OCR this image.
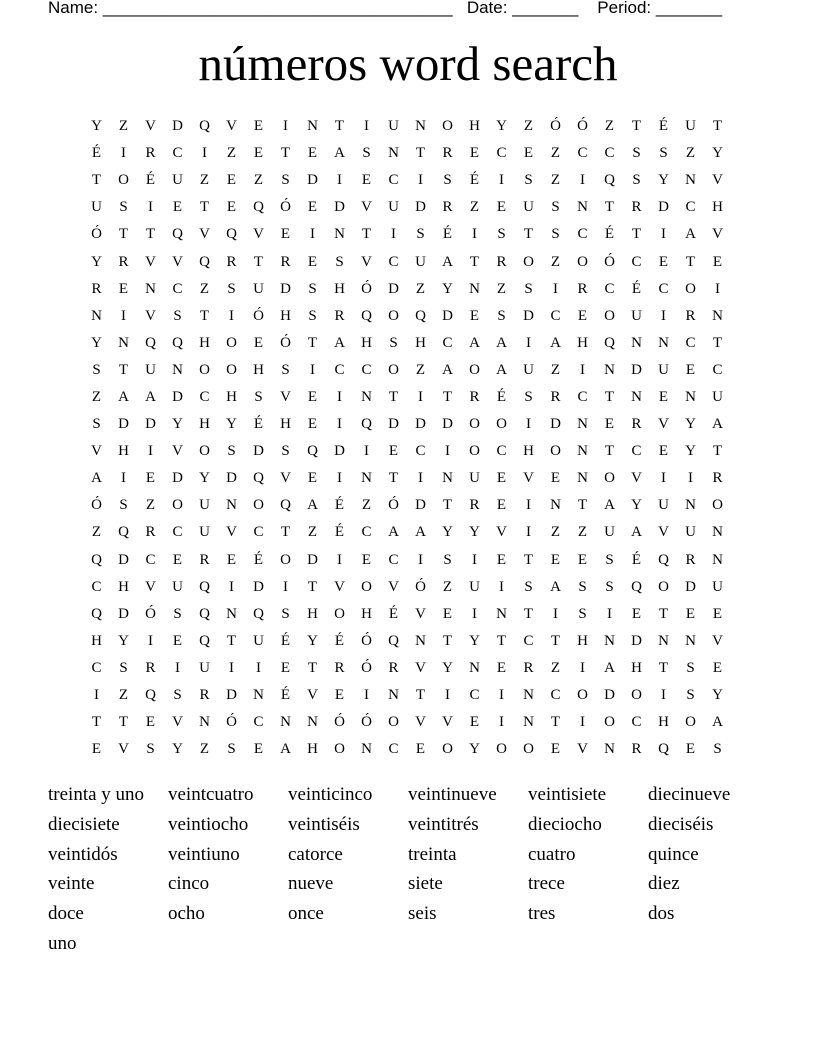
Name: _____________________________________ Date: _______ Period: _______
números word search
Y	Z	V	D	Q	V	E	I	N	T	I	U	N	O	H	Y	Z	Ó	Ó	Z	T	É	U	T
É	I	R	C	I	Z	E	T	E	A	S	N	T	R	E	C	E	Z	C	C	S	S	Z	Y
T	O	É	U	Z	E	Z	S	D	I	E	C	I	S	É	I	S	Z	I	Q	S	Y	N	V
U	S	I	E	T	E	Q	Ó	E	D	V	U	D	R	Z	E	U	S	N	T	R	D	C	H
Ó	T	T	Q	V	Q	V	E	I	N	T	I	S	É	I	S	T	S	C	É	T	I	A	V
Y	R	V	V	Q	R	T	R	E	S	V	C	U	A	T	R	O	Z	O	Ó	C	E	T	E
R	E	N	C	Z	S	U	D	S	H	Ó	D	Z	Y	N	Z	S	I	R	C	É	C	O	I
N	I	V	S	T	I	Ó	H	S	R	Q	O	Q	D	E	S	D	C	E	O	U	I	R	N
Y	N	Q	Q	H	O	E	Ó	T	A	H	S	H	C	A	A	I	A	H	Q	N	N	C	T
S	T	U	N	O	O	H	S	I	C	C	O	Z	A	O	A	U	Z	I	N	D	U	E	C
Z	A	A	D	C	H	S	V	E	I	N	T	I	T	R	É	S	R	C	T	N	E	N	U
S	D	D	Y	H	Y	É	H	E	I	Q	D	D	D	O	O	I	D	N	E	R	V	Y	A
V	H	I	V	O	S	D	S	Q	D	I	E	C	I	O	C	H	O	N	T	C	E	Y	T
A	I	E	D	Y	D	Q	V	E	I	N	T	I	N	U	E	V	E	N	O	V	I	I	R
Ó	S	Z	O	U	N	O	Q	A	É	Z	Ó	D	T	R	E	I	N	T	A	Y	U	N	O
Z	Q	R	C	U	V	C	T	Z	É	C	A	A	Y	Y	V	I	Z	Z	U	A	V	U	N
Q	D	C	E	R	E	É	O	D	I	E	C	I	S	I	E	T	E	E	S	É	Q	R	N
C	H	V	U	Q	I	D	I	T	V	O	V	Ó	Z	U	I	S	A	S	S	Q	O	D	U
Q	D	Ó	S	Q	N	Q	S	H	O	H	É	V	E	I	N	T	I	S	I	E	T	E	E
H	Y	I	E	Q	T	U	É	Y	É	Ó	Q	N	T	Y	T	C	T	H	N	D	N	N	V
C	S	R	I	U	I	I	E	T	R	Ó	R	V	Y	N	E	R	Z	I	A	H	T	S	E
I	Z	Q	S	R	D	N	É	V	E	I	N	T	I	C	I	N	C	O	D	O	I	S	Y
T	T	E	V	N	Ó	C	N	N	Ó	Ó	O	V	V	E	I	N	T	I	O	C	H	O	A
E	V	S	Y	Z	S	E	A	H	O	N	C	E	O	Y	O	O	E	V	N	R	Q	E	S
treinta y uno	veintcuatro	veinticinco	veintinueve	veintisiete	diecinueve
diecisiete	veintiocho	veintiséis	veintitrés	dieciocho	dieciséis
veintidós	veintiuno	catorce	treinta	cuatro	quince
veinte	cinco	nueve	siete	trece	diez
doce	ocho	once	seis	tres	dos
uno
